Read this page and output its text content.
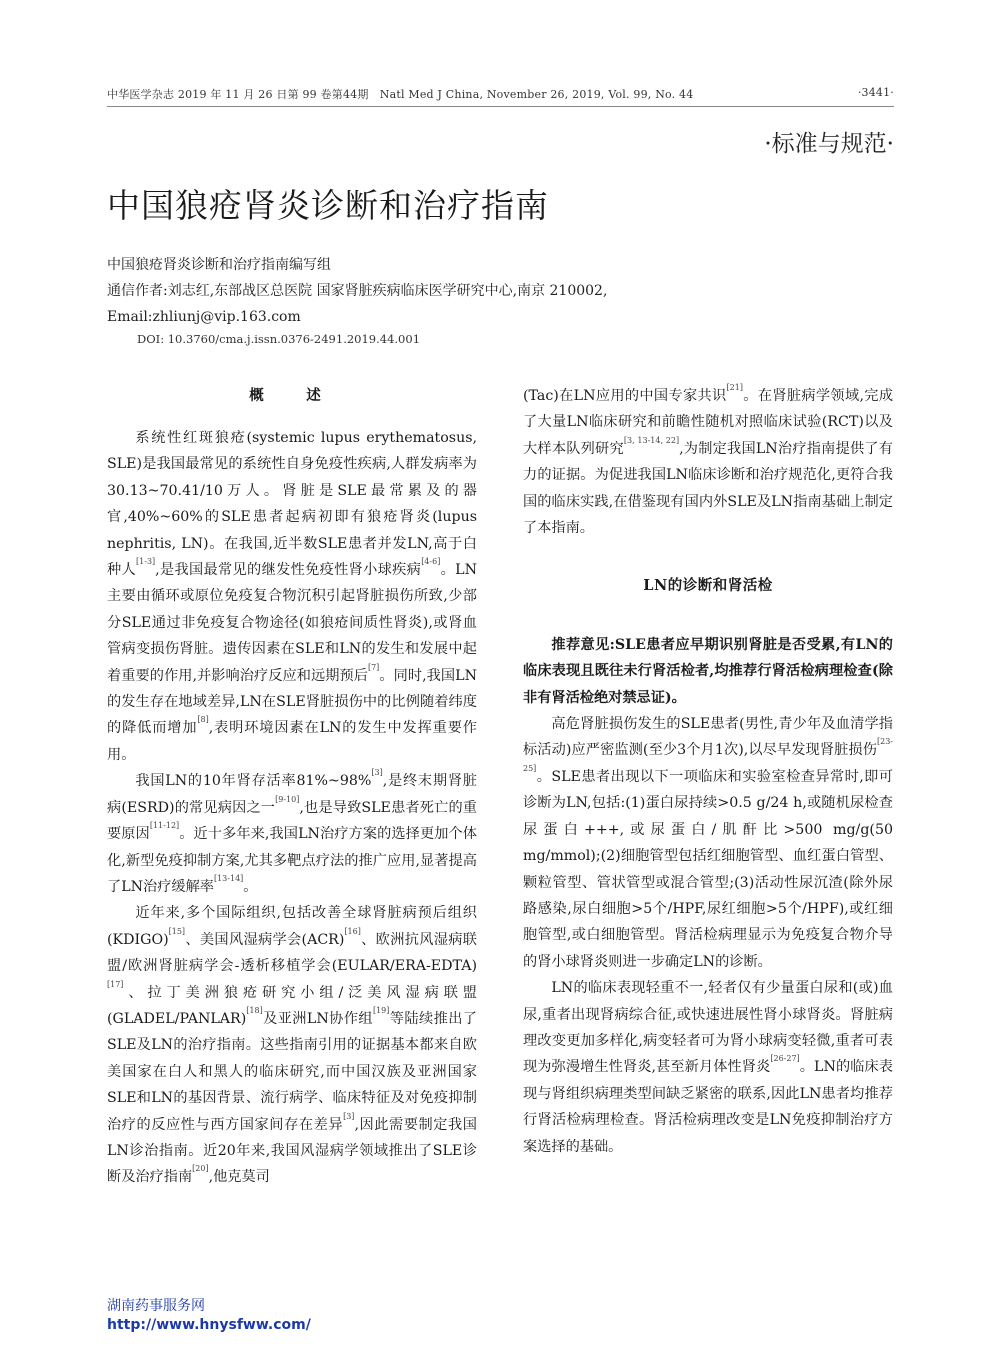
中华医学杂志 2019 年 11 月 26 日第 99 卷第44期　Natl Med J China, November 26, 2019, Vol. 99, No. 44	·3441·
·标准与规范·
中国狼疮肾炎诊断和治疗指南
中国狼疮肾炎诊断和治疗指南编写组
通信作者:刘志红,东部战区总医院 国家肾脏疾病临床医学研究中心,南京 210002,
Email:zhliunj@vip.163.com
DOI: 10.3760/cma.j.issn.0376-2491.2019.44.001
概　述

系统性红斑狼疮(systemic lupus erythematosus, SLE)是我国最常见的系统性自身免疫性疾病,人群发病率为30.13~70.41/10万人。肾脏是SLE最常累及的器官,40%~60%的SLE患者起病初即有狼疮肾炎(lupus nephritis, LN)。在我国,近半数SLE患者并发LN,高于白种人[1-3],是我国最常见的继发性免疫性肾小球疾病[4-6]。LN主要由循环或原位免疫复合物沉积引起肾脏损伤所致,少部分SLE通过非免疫复合物途径(如狼疮间质性肾炎),或肾血管病变损伤肾脏。遗传因素在SLE和LN的发生和发展中起着重要的作用,并影响治疗反应和远期预后[7]。同时,我国LN的发生存在地域差异,LN在SLE肾脏损伤中的比例随着纬度的降低而增加[8],表明环境因素在LN的发生中发挥重要作用。

我国LN的10年肾存活率81%~98%[3],是终末期肾脏病(ESRD)的常见病因之一[9-10],也是导致SLE患者死亡的重要原因[11-12]。近十多年来,我国LN治疗方案的选择更加个体化,新型免疫抑制方案,尤其多靶点疗法的推广应用,显著提高了LN治疗缓解率[13-14]。

近年来,多个国际组织,包括改善全球肾脏病预后组织(KDIGO)[15]、美国风湿病学会(ACR)[16]、欧洲抗风湿病联盟/欧洲肾脏病学会-透析移植学会(EULAR/ERA-EDTA)[17]、拉丁美洲狼疮研究小组/泛美风湿病联盟(GLADEL/PANLAR)[18]及亚洲LN协作组[19]等陆续推出了SLE及LN的治疗指南。这些指南引用的证据基本都来自欧美国家在白人和黑人的临床研究,而中国汉族及亚洲国家SLE和LN的基因背景、流行病学、临床特征及对免疫抑制治疗的反应性与西方国家间存在差异[3],因此需要制定我国LN诊治指南。近20年来,我国风湿病学领域推出了SLE诊断及治疗指南[20],他克莫司

(Tac)在LN应用的中国专家共识[21]。在肾脏病学领域,完成了大量LN临床研究和前瞻性随机对照临床试验(RCT)以及大样本队列研究[3, 13-14, 22],为制定我国LN治疗指南提供了有力的证据。为促进我国LN临床诊断和治疗规范化,更符合我国的临床实践,在借鉴现有国内外SLE及LN指南基础上制定了本指南。

LN的诊断和肾活检

推荐意见:SLE患者应早期识别肾脏是否受累,有LN的临床表现且既往未行肾活检者,均推荐行肾活检病理检查(除非有肾活检绝对禁忌证)。

高危肾脏损伤发生的SLE患者(男性,青少年及血清学指标活动)应严密监测(至少3个月1次),以尽早发现肾脏损伤[23-25]。SLE患者出现以下一项临床和实验室检查异常时,即可诊断为LN,包括:(1)蛋白尿持续>0.5 g/24 h,或随机尿检查尿蛋白+++,或尿蛋白/肌酐比>500 mg/g(50 mg/mmol);(2)细胞管型包括红细胞管型、血红蛋白管型、颗粒管型、管状管型或混合管型;(3)活动性尿沉渣(除外尿路感染,尿白细胞>5个/HPF,尿红细胞>5个/HPF),或红细胞管型,或白细胞管型。肾活检病理显示为免疫复合物介导的肾小球肾炎则进一步确定LN的诊断。

LN的临床表现轻重不一,轻者仅有少量蛋白尿和(或)血尿,重者出现肾病综合征,或快速进展性肾小球肾炎。肾脏病理改变更加多样化,病变轻者可为肾小球病变轻微,重者可表现为弥漫增生性肾炎,甚至新月体性肾炎[26-27]。LN的临床表现与肾组织病理类型间缺乏紧密的联系,因此LN患者均推荐行肾活检病理检查。肾活检病理改变是LN免疫抑制治疗方案选择的基础。

湖南药事服务网
http://www.hnysfww.com/
